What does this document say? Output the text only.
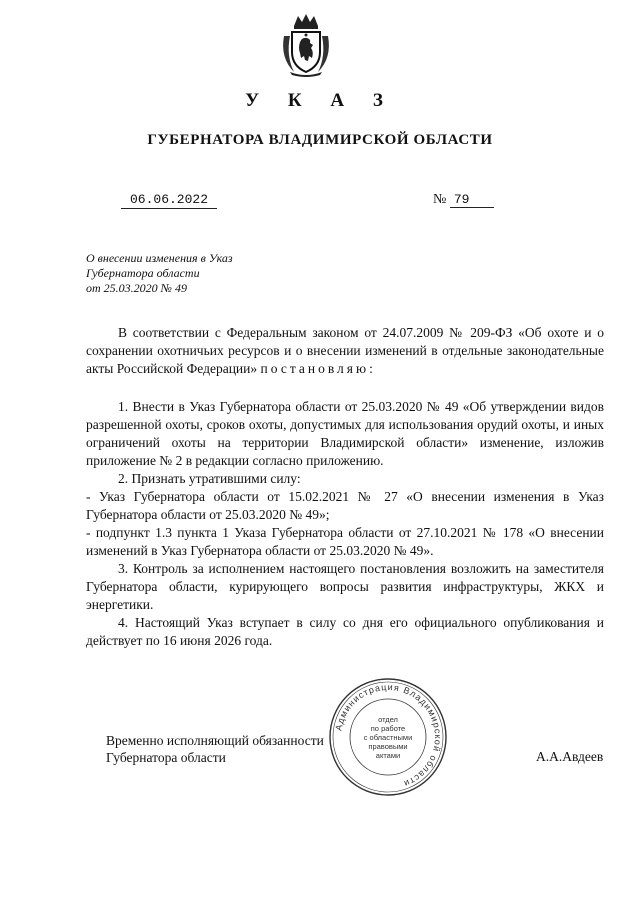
У К А З
ГУБЕРНАТОРА ВЛАДИМИРСКОЙ ОБЛАСТИ
06.06.2022	№ 79
О внесении изменения в Указ
Губернатора области
от 25.03.2020 № 49

В соответствии с Федеральным законом от 24.07.2009 № 209-ФЗ «Об охоте и о сохранении охотничьих ресурсов и о внесении изменений в отдельные законодательные акты Российской Федерации» постановляю:

1. Внести в Указ Губернатора области от 25.03.2020 № 49 «Об утверждении видов разрешенной охоты, сроков охоты, допустимых для использования орудий охоты, и иных ограничений охоты на территории Владимирской области» изменение, изложив приложение № 2 в редакции согласно приложению.

2. Признать утратившими силу:

- Указ Губернатора области от 15.02.2021 № 27 «О внесении изменения в Указ Губернатора области от 25.03.2020 № 49»;

- подпункт 1.3 пункта 1 Указа Губернатора области от 27.10.2021 № 178 «О внесении изменений в Указ Губернатора области от 25.03.2020 № 49».

3. Контроль за исполнением настоящего постановления возложить на заместителя Губернатора области, курирующего вопросы развития инфраструктуры, ЖКХ и энергетики.

4. Настоящий Указ вступает в силу со дня его официального опубликования и действует по 16 июня 2026 года.

Временно исполняющий обязанности
Губернатора области	А.А.Авдеев
Администрация Владимирской области
отдел
по работе
с областными
правовыми
актами
